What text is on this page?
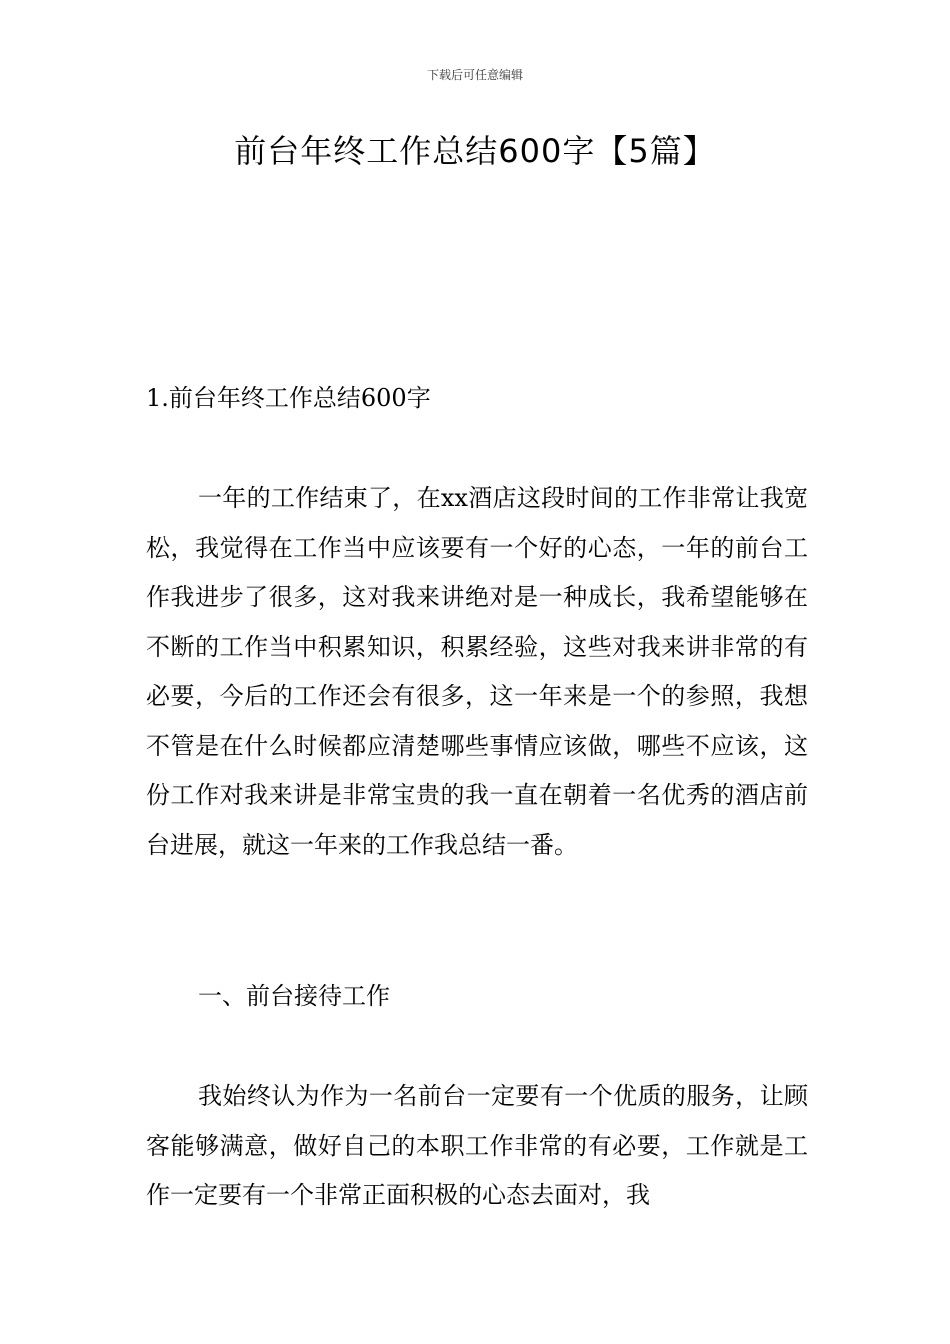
下载后可任意编辑
前台年终工作总结600字【5篇】
1.前台年终工作总结600字

一年的工作结束了，在xx酒店这段时间的工作非常让我宽松，我觉得在工作当中应该要有一个好的心态，一年的前台工作我进步了很多，这对我来讲绝对是一种成长，我希望能够在不断的工作当中积累知识，积累经验，这些对我来讲非常的有必要，今后的工作还会有很多，这一年来是一个的参照，我想不管是在什么时候都应清楚哪些事情应该做，哪些不应该，这份工作对我来讲是非常宝贵的我一直在朝着一名优秀的酒店前台进展，就这一年来的工作我总结一番。

一、前台接待工作

我始终认为作为一名前台一定要有一个优质的服务，让顾客能够满意，做好自己的本职工作非常的有必要，工作就是工作一定要有一个非常正面积极的心态去面对，我
